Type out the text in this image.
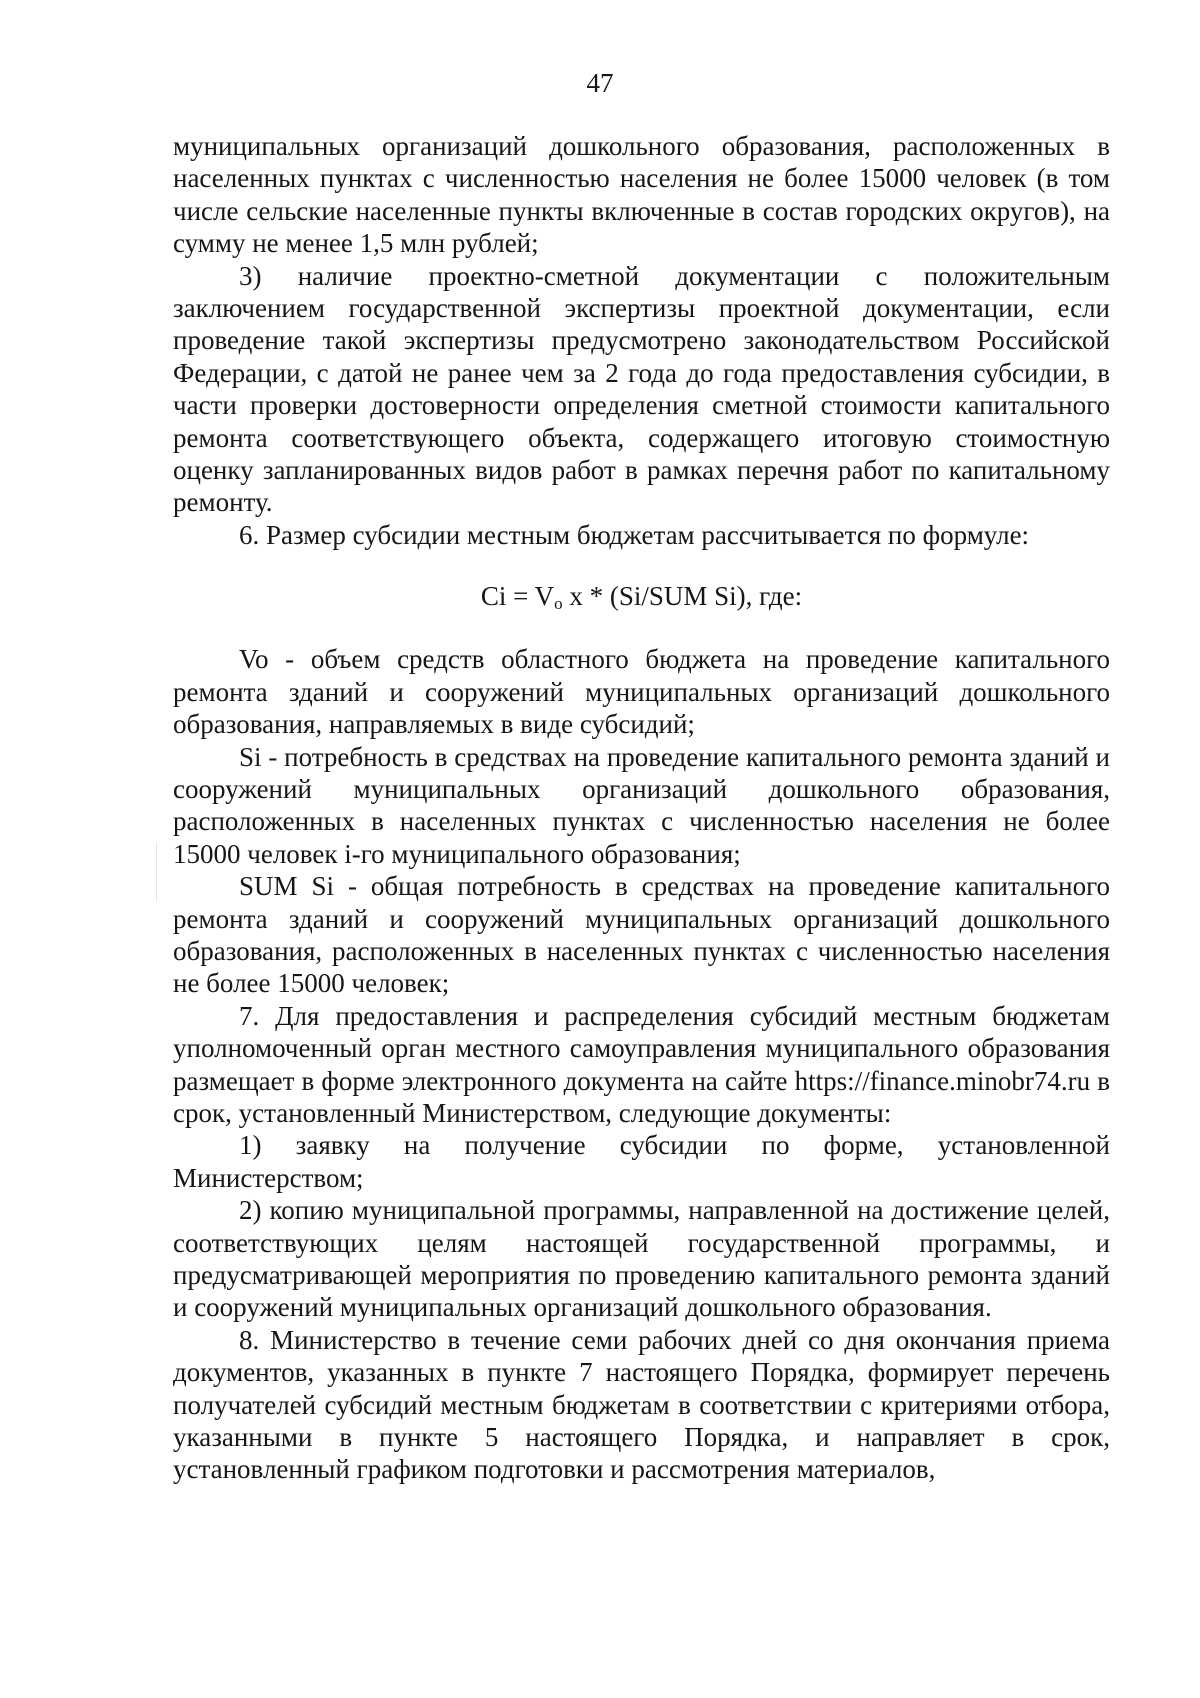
47

муниципальных организаций дошкольного образования, расположенных в населенных пунктах с численностью населения не более 15000 человек (в том числе сельские населенные пункты включенные в состав городских округов), на сумму не менее 1,5 млн рублей;

3) наличие проектно-сметной документации с положительным заключением государственной экспертизы проектной документации, если проведение такой экспертизы предусмотрено законодательством Российской Федерации, с датой не ранее чем за 2 года до года предоставления субсидии, в части проверки достоверности определения сметной стоимости капитального ремонта соответствующего объекта, содержащего итоговую стоимостную оценку запланированных видов работ в рамках перечня работ по капитальному ремонту.

6. Размер субсидии местным бюджетам рассчитывается по формуле:

$Ci = V_o$ x * (Si/SUM Si), где:

Vo - объем средств областного бюджета на проведение капитального ремонта зданий и сооружений муниципальных организаций дошкольного образования, направляемых в виде субсидий;

Si - потребность в средствах на проведение капитального ремонта зданий и сооружений муниципальных организаций дошкольного образования, расположенных в населенных пунктах с численностью населения не более 15000 человек i-го муниципального образования;

SUM Si - общая потребность в средствах на проведение капитального ремонта зданий и сооружений муниципальных организаций дошкольного образования, расположенных в населенных пунктах с численностью населения не более 15000 человек;

7. Для предоставления и распределения субсидий местным бюджетам уполномоченный орган местного самоуправления муниципального образования размещает в форме электронного документа на сайте https://finance.minobr74.ru в срок, установленный Министерством, следующие документы:

1) заявку на получение субсидии по форме, установленной Министерством;

2) копию муниципальной программы, направленной на достижение целей, соответствующих целям настоящей государственной программы, и предусматривающей мероприятия по проведению капитального ремонта зданий и сооружений муниципальных организаций дошкольного образования.

8. Министерство в течение семи рабочих дней со дня окончания приема документов, указанных в пункте 7 настоящего Порядка, формирует перечень получателей субсидий местным бюджетам в соответствии с критериями отбора, указанными в пункте 5 настоящего Порядка, и направляет в срок, установленный графиком подготовки и рассмотрения материалов,
